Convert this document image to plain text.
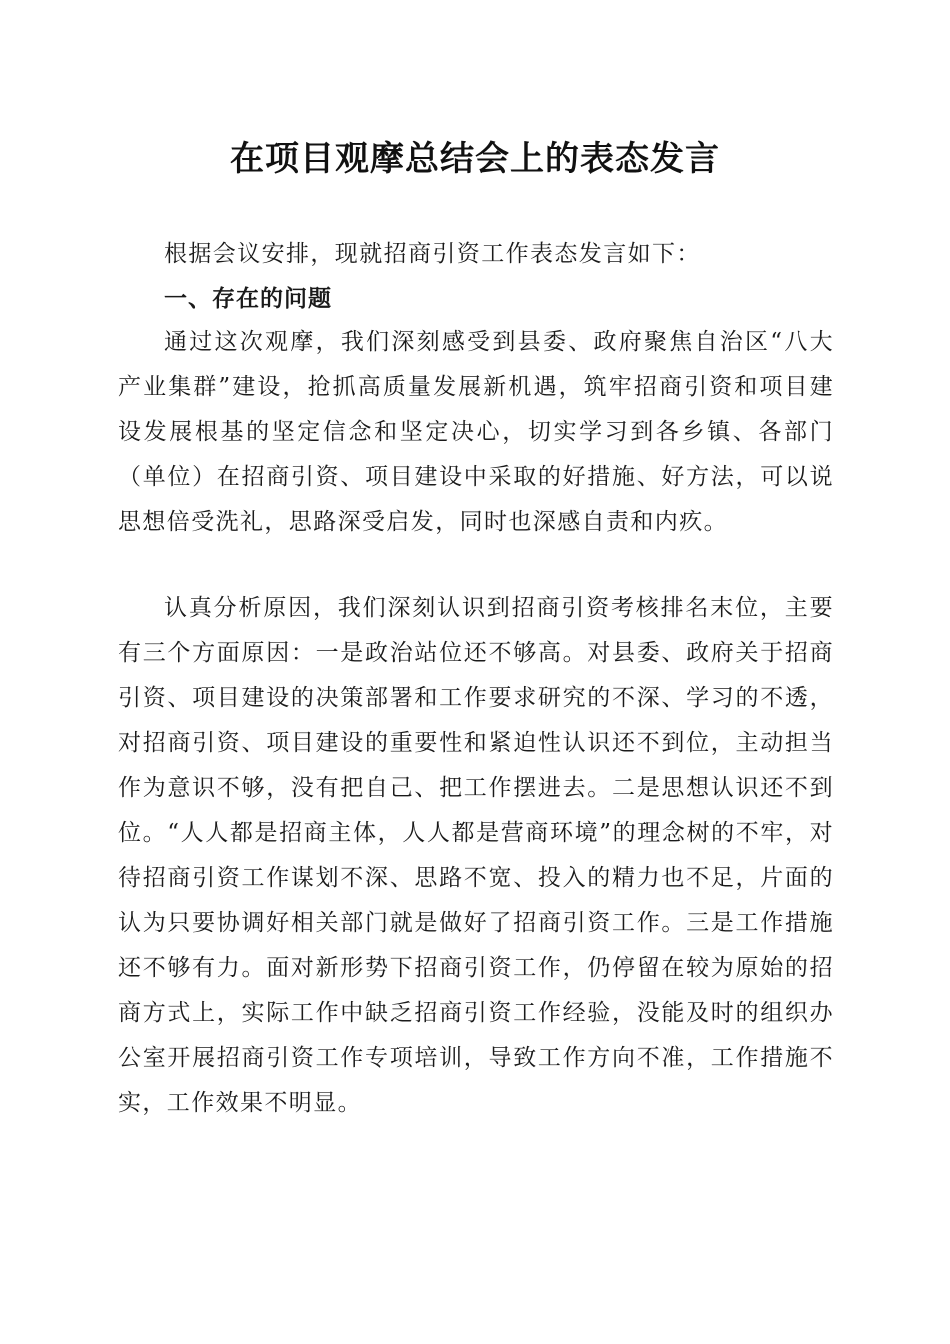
在项目观摩总结会上的表态发言

根据会议安排，现就招商引资工作表态发言如下：

一、存在的问题

通过这次观摩，我们深刻感受到县委、政府聚焦自治区“八大产业集群”建设，抢抓高质量发展新机遇，筑牢招商引资和项目建设发展根基的坚定信念和坚定决心，切实学习到各乡镇、各部门（单位）在招商引资、项目建设中采取的好措施、好方法，可以说思想倍受洗礼，思路深受启发，同时也深感自责和内疚。

认真分析原因，我们深刻认识到招商引资考核排名末位，主要有三个方面原因：一是政治站位还不够高。对县委、政府关于招商引资、项目建设的决策部署和工作要求研究的不深、学习的不透，对招商引资、项目建设的重要性和紧迫性认识还不到位，主动担当作为意识不够，没有把自己、把工作摆进去。二是思想认识还不到位。“人人都是招商主体，人人都是营商环境”的理念树的不牢，对待招商引资工作谋划不深、思路不宽、投入的精力也不足，片面的认为只要协调好相关部门就是做好了招商引资工作。三是工作措施还不够有力。面对新形势下招商引资工作，仍停留在较为原始的招商方式上，实际工作中缺乏招商引资工作经验，没能及时的组织办公室开展招商引资工作专项培训，导致工作方向不准，工作措施不实，工作效果不明显。
